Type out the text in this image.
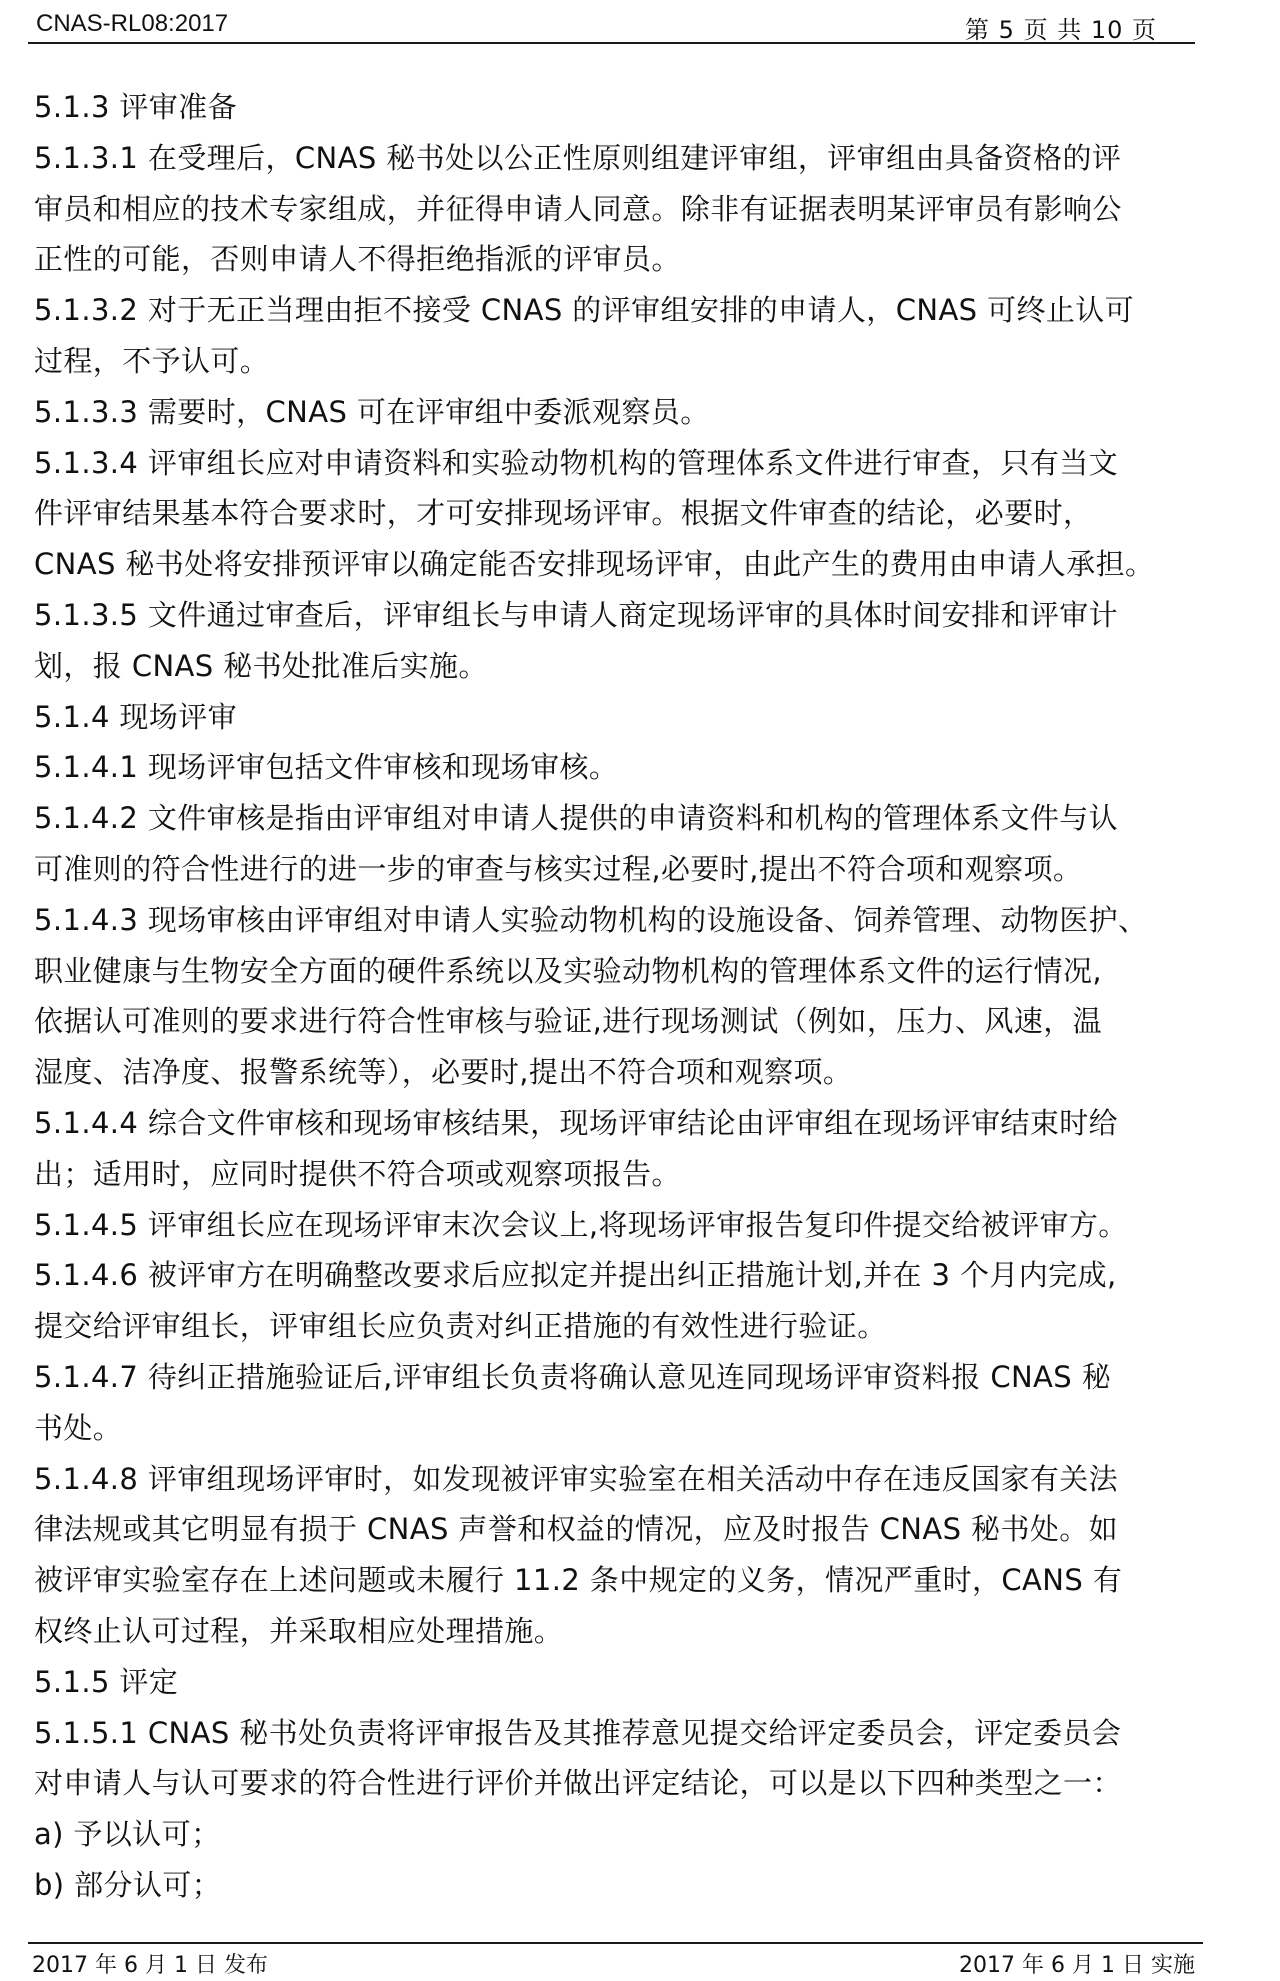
CNAS-RL08:2017	第 5 页 共 10 页
5.1.3 评审准备
5.1.3.1 在受理后，CNAS 秘书处以公正性原则组建评审组，评审组由具备资格的评
审员和相应的技术专家组成，并征得申请人同意。除非有证据表明某评审员有影响公
正性的可能，否则申请人不得拒绝指派的评审员。
5.1.3.2 对于无正当理由拒不接受 CNAS 的评审组安排的申请人，CNAS 可终止认可
过程，不予认可。
5.1.3.3 需要时，CNAS 可在评审组中委派观察员。
5.1.3.4 评审组长应对申请资料和实验动物机构的管理体系文件进行审查，只有当文
件评审结果基本符合要求时，才可安排现场评审。根据文件审查的结论，必要时，
CNAS 秘书处将安排预评审以确定能否安排现场评审，由此产生的费用由申请人承担。
5.1.3.5 文件通过审查后，评审组长与申请人商定现场评审的具体时间安排和评审计
划，报 CNAS 秘书处批准后实施。
5.1.4 现场评审
5.1.4.1 现场评审包括文件审核和现场审核。
5.1.4.2 文件审核是指由评审组对申请人提供的申请资料和机构的管理体系文件与认
可准则的符合性进行的进一步的审查与核实过程,必要时,提出不符合项和观察项。
5.1.4.3 现场审核由评审组对申请人实验动物机构的设施设备、饲养管理、动物医护、
职业健康与生物安全方面的硬件系统以及实验动物机构的管理体系文件的运行情况,
依据认可准则的要求进行符合性审核与验证,进行现场测试（例如，压力、风速，温
湿度、洁净度、报警系统等），必要时,提出不符合项和观察项。
5.1.4.4 综合文件审核和现场审核结果，现场评审结论由评审组在现场评审结束时给
出；适用时，应同时提供不符合项或观察项报告。
5.1.4.5 评审组长应在现场评审末次会议上,将现场评审报告复印件提交给被评审方。
5.1.4.6 被评审方在明确整改要求后应拟定并提出纠正措施计划,并在 3 个月内完成,
提交给评审组长，评审组长应负责对纠正措施的有效性进行验证。
5.1.4.7 待纠正措施验证后,评审组长负责将确认意见连同现场评审资料报 CNAS 秘
书处。
5.1.4.8 评审组现场评审时，如发现被评审实验室在相关活动中存在违反国家有关法
律法规或其它明显有损于 CNAS 声誉和权益的情况，应及时报告 CNAS 秘书处。如
被评审实验室存在上述问题或未履行 11.2 条中规定的义务，情况严重时，CANS 有
权终止认可过程，并采取相应处理措施。
5.1.5 评定
5.1.5.1 CNAS 秘书处负责将评审报告及其推荐意见提交给评定委员会，评定委员会
对申请人与认可要求的符合性进行评价并做出评定结论，可以是以下四种类型之一：
a) 予以认可；
b) 部分认可；
2017 年 6 月 1 日 发布	2017 年 6 月 1 日 实施
